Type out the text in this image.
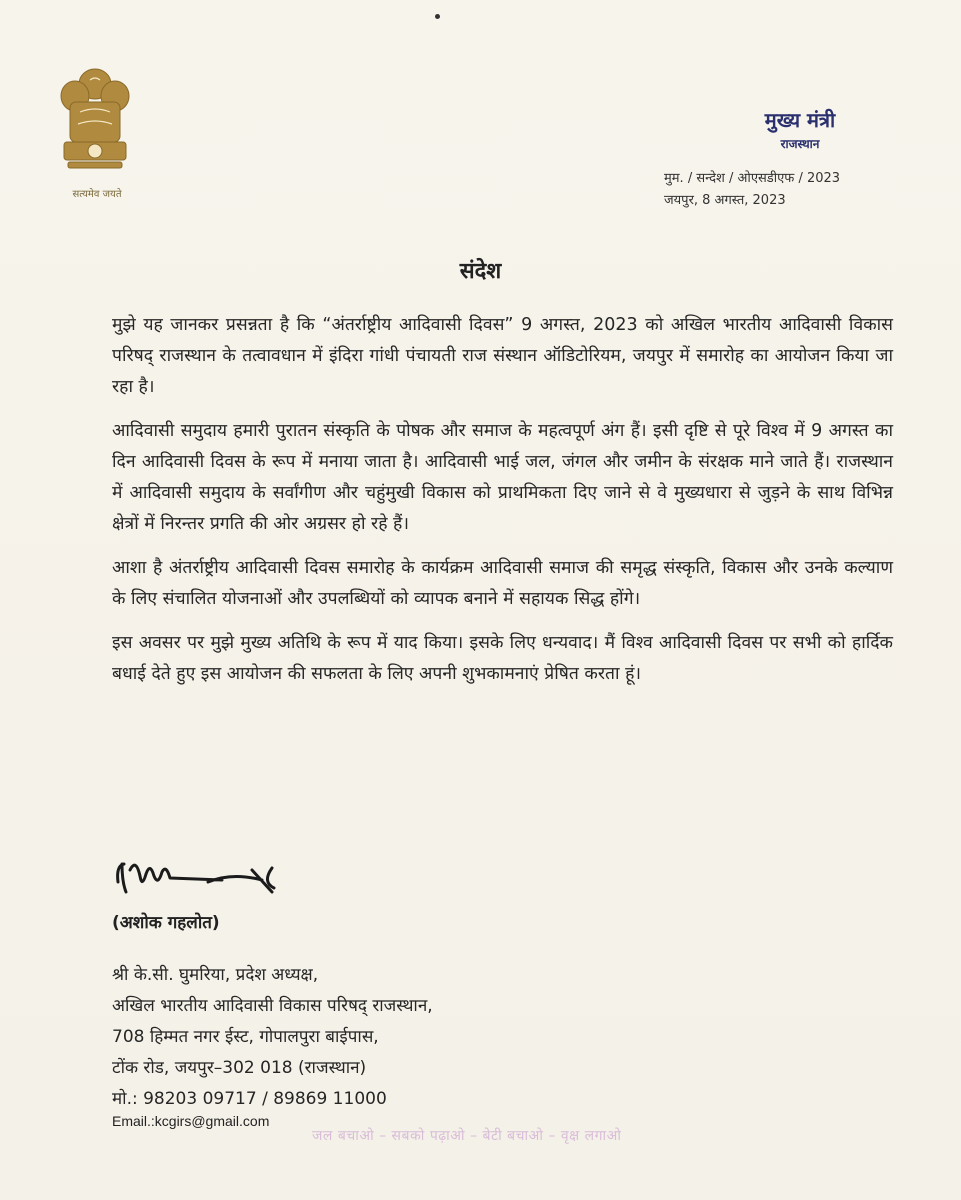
सत्यमेव जयते
मुख्य मंत्री
राजस्थान
मुम. / सन्देश / ओएसडीएफ / 2023
जयपुर, 8 अगस्त, 2023
संदेश

मुझे यह जानकर प्रसन्नता है कि “अंतर्राष्ट्रीय आदिवासी दिवस” 9 अगस्त, 2023 को अखिल भारतीय आदिवासी विकास परिषद् राजस्थान के तत्वावधान में इंदिरा गांधी पंचायती राज संस्थान ऑडिटोरियम, जयपुर में समारोह का आयोजन किया जा रहा है।

आदिवासी समुदाय हमारी पुरातन संस्कृति के पोषक और समाज के महत्वपूर्ण अंग हैं। इसी दृष्टि से पूरे विश्व में 9 अगस्त का दिन आदिवासी दिवस के रूप में मनाया जाता है। आदिवासी भाई जल, जंगल और जमीन के संरक्षक माने जाते हैं। राजस्थान में आदिवासी समुदाय के सर्वांगीण और चहुंमुखी विकास को प्राथमिकता दिए जाने से वे मुख्यधारा से जुड़ने के साथ विभिन्न क्षेत्रों में निरन्तर प्रगति की ओर अग्रसर हो रहे हैं।

आशा है अंतर्राष्ट्रीय आदिवासी दिवस समारोह के कार्यक्रम आदिवासी समाज की समृद्ध संस्कृति, विकास और उनके कल्याण के लिए संचालित योजनाओं और उपलब्धियों को व्यापक बनाने में सहायक सिद्ध होंगे।

इस अवसर पर मुझे मुख्य अतिथि के रूप में याद किया। इसके लिए धन्यवाद। मैं विश्व आदिवासी दिवस पर सभी को हार्दिक बधाई देते हुए इस आयोजन की सफलता के लिए अपनी शुभकामनाएं प्रेषित करता हूं।

(अशोक गहलोत)
श्री के.सी. घुमरिया, प्रदेश अध्यक्ष,
अखिल भारतीय आदिवासी विकास परिषद् राजस्थान,
708 हिम्मत नगर ईस्ट, गोपालपुरा बाईपास,
टोंक रोड, जयपुर–302 018 (राजस्थान)
मो.: 98203 09717 / 89869 11000
Email.:kcgirs@gmail.com
जल बचाओ – सबको पढ़ाओ – बेटी बचाओ – वृक्ष लगाओ
